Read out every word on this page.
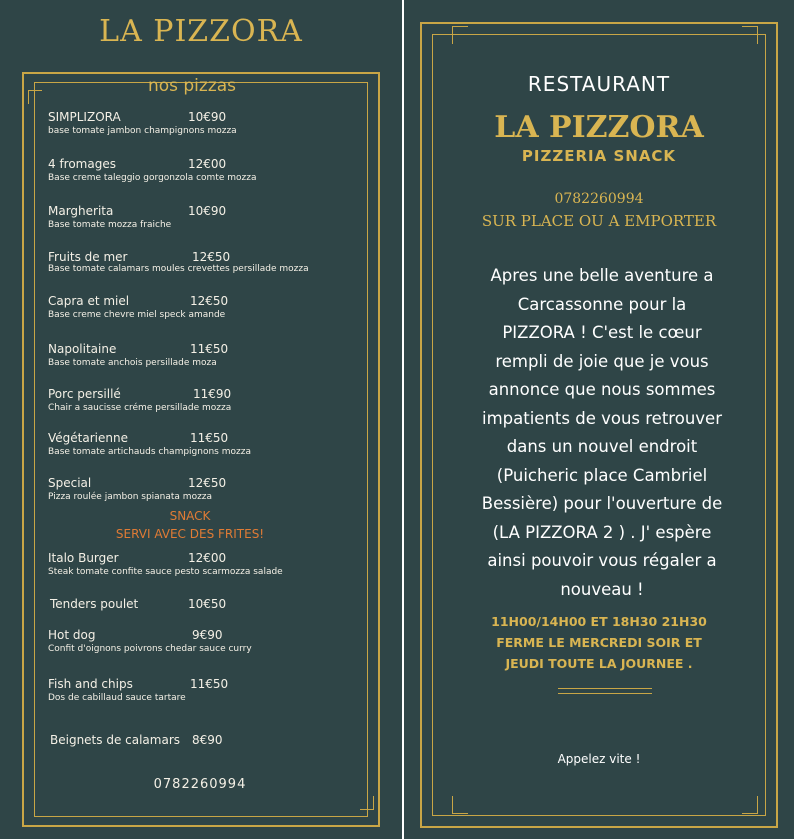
LA PIZZORA
nos pizzas
SIMPLIZORA	10€90
base tomate jambon champignons mozza
4 fromages	12€00
Base creme taleggio gorgonzola comte mozza
Margherita	10€90
Base tomate mozza fraiche
Fruits de mer	12€50
Base tomate calamars moules crevettes persillade mozza
Capra et miel	12€50
Base creme chevre miel speck amande
Napolitaine	11€50
Base tomate anchois persillade moza
Porc persillé	11€90
Chair a saucisse créme persillade mozza
Végétarienne	11€50
Base tomate artichauds champignons mozza
Special	12€50
Pizza roulée jambon spianata mozza
SNACK
SERVI AVEC DES FRITES!
Italo Burger	12€00
Steak tomate confite sauce pesto scarmozza salade
Tenders poulet	10€50
Hot dog	9€90
Confit d'oignons poivrons chedar sauce curry
Fish and chips	11€50
Dos de cabillaud sauce tartare
Beignets de calamars 8€90
0782260994
RESTAURANT
LA PIZZORA
PIZZERIA SNACK
0782260994
SUR PLACE OU A EMPORTER
Apres une belle aventure a
Carcassonne pour la
PIZZORA ! C'est le cœur
rempli de joie que je vous
annonce que nous sommes
impatients de vous retrouver
dans un nouvel endroit
(Puicheric place Cambriel
Bessière) pour l'ouverture de
(LA PIZZORA 2 ) . J' espère
ainsi pouvoir vous régaler a
nouveau !
11H00/14H00 ET 18H30 21H30
FERME LE MERCREDI SOIR ET
JEUDI TOUTE LA JOURNEE .
Appelez vite !
